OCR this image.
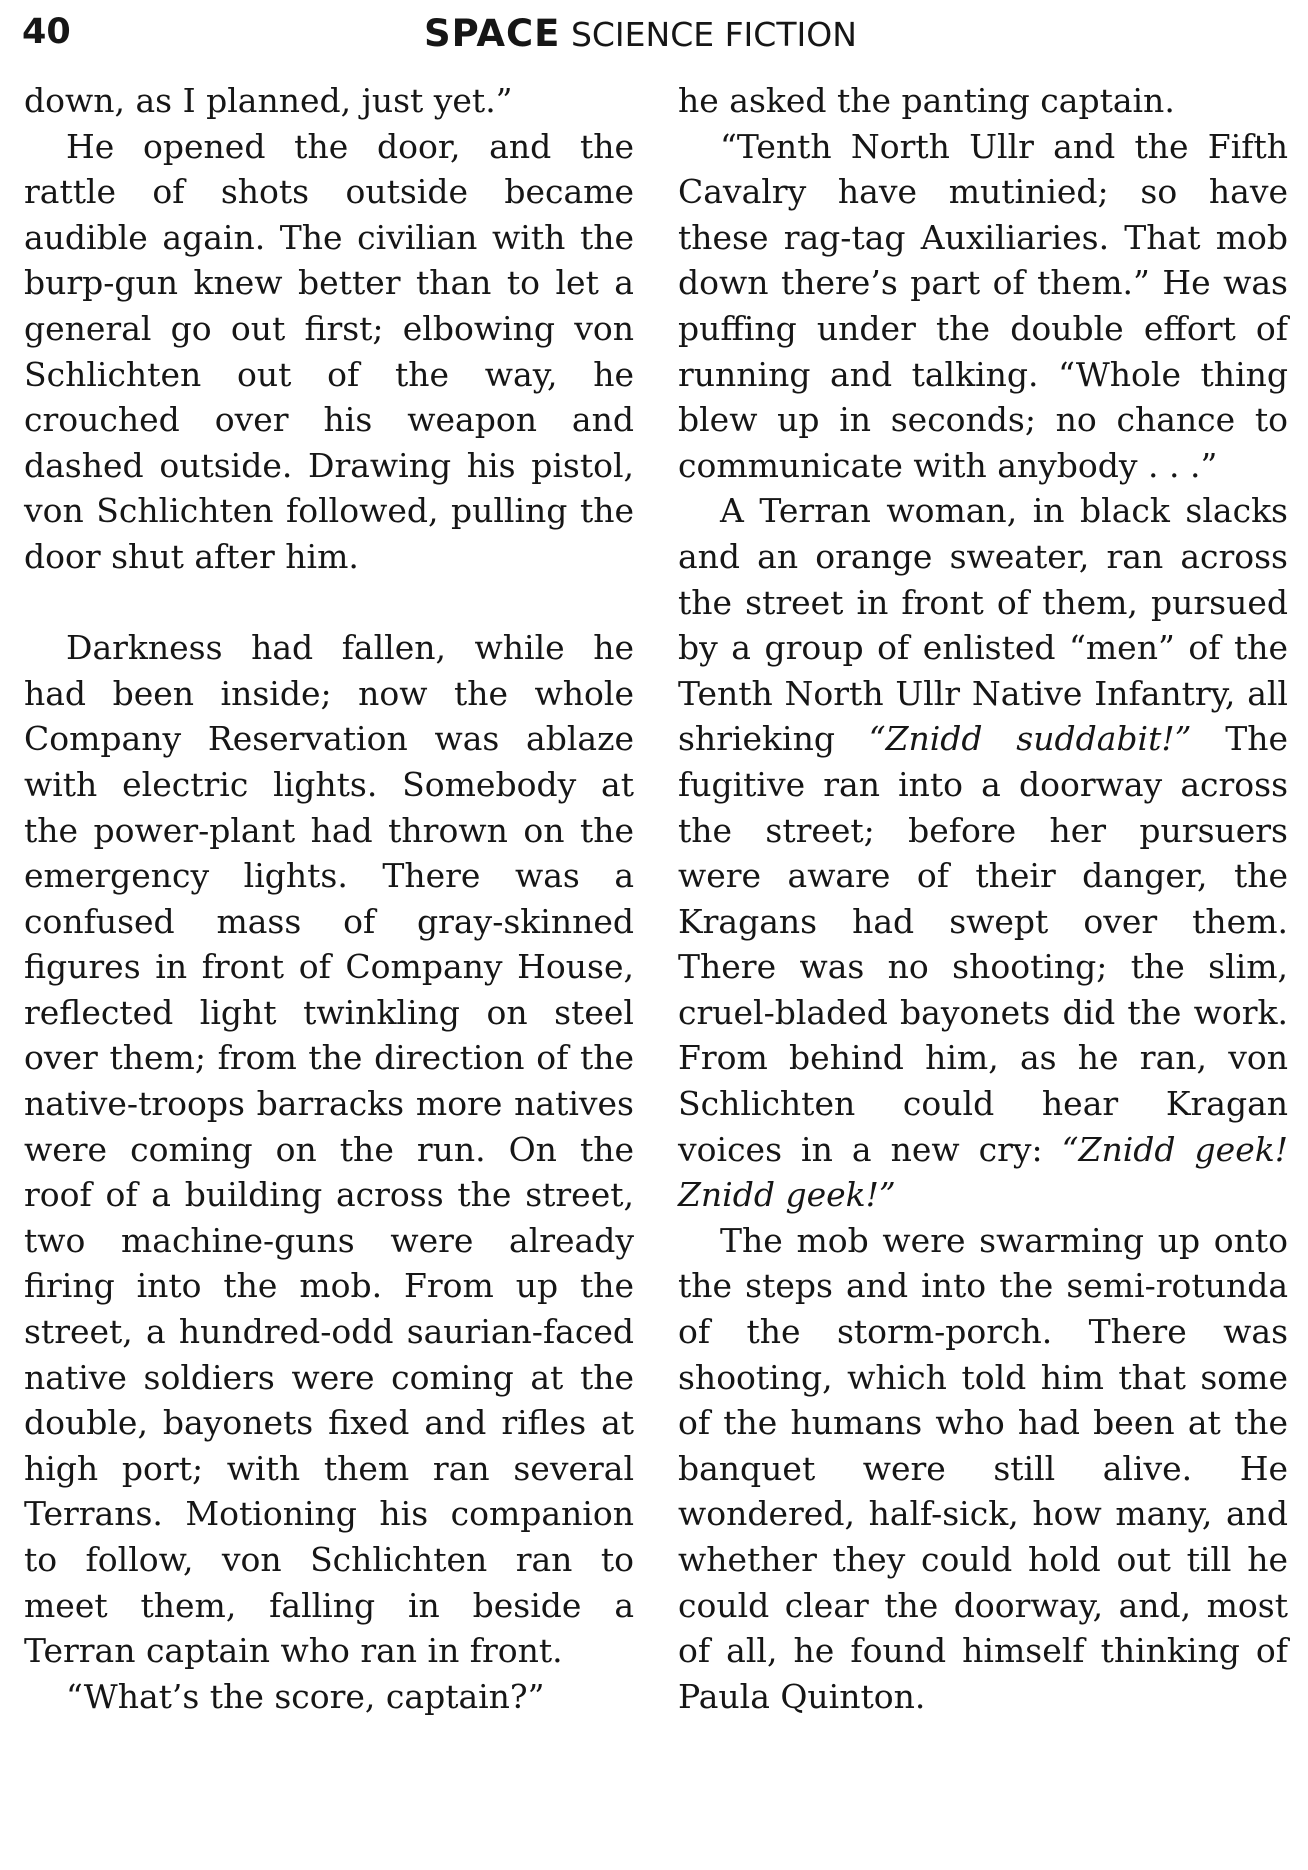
40	SPACE SCIENCE FICTION

down, as I planned, just yet.”

He opened the door, and the rattle of shots outside became audible again. The civilian with the burp-gun knew better than to let a general go out first; elbowing von Schlichten out of the way, he crouched over his weapon and dashed outside. Drawing his pistol, von Schlichten followed, pulling the door shut after him.

Darkness had fallen, while he had been inside; now the whole Company Reservation was ablaze with electric lights. Somebody at the power-plant had thrown on the emergency lights. There was a confused mass of gray-skinned figures in front of Company House, reflected light twinkling on steel over them; from the direction of the native-troops barracks more natives were coming on the run. On the roof of a building across the street, two machine-guns were already firing into the mob. From up the street, a hundred-odd saurian-faced native soldiers were coming at the double, bayonets fixed and rifles at high port; with them ran several Terrans. Motioning his companion to follow, von Schlichten ran to meet them, falling in beside a Terran captain who ran in front.

“What’s the score, captain?”

he asked the panting captain.

“Tenth North Ullr and the Fifth Cavalry have mutinied; so have these rag-tag Auxiliaries. That mob down there’s part of them.” He was puffing under the double effort of running and talking. “Whole thing blew up in seconds; no chance to communicate with anybody . . .”

A Terran woman, in black slacks and an orange sweater, ran across the street in front of them, pursued by a group of enlisted “men” of the Tenth North Ullr Native Infantry, all shrieking “Znidd suddabit!” The fugitive ran into a doorway across the street; before her pursuers were aware of their danger, the Kragans had swept over them. There was no shooting; the slim, cruel-bladed bayonets did the work. From behind him, as he ran, von Schlichten could hear Kragan voices in a new cry: “Znidd geek! Znidd geek!”

The mob were swarming up onto the steps and into the semi-rotunda of the storm-porch. There was shooting, which told him that some of the humans who had been at the banquet were still alive. He wondered, half-sick, how many, and whether they could hold out till he could clear the doorway, and, most of all, he found himself thinking of Paula Quinton.
